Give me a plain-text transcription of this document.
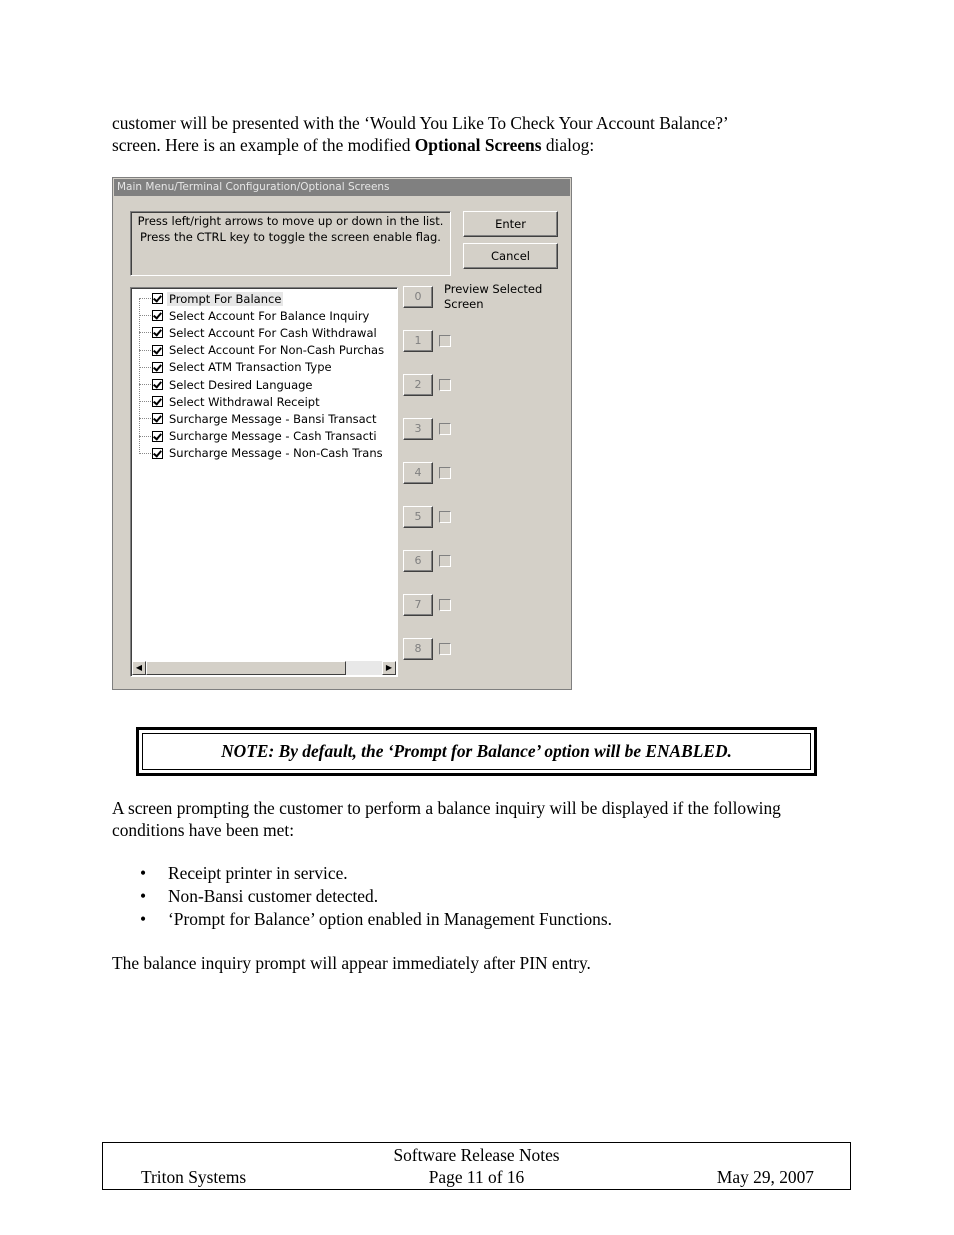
customer will be presented with the ‘Would You Like To Check Your Account Balance?’
screen. Here is an example of the modified Optional Screens dialog:
Main Menu/Terminal Configuration/Optional Screens
Press left/right arrows to move up or down in the list. Press the CTRL key to toggle the screen enable flag.
Enter
Cancel
◀	▶
Prompt For Balance
Select Account For Balance Inquiry
Select Account For Cash Withdrawal
Select Account For Non-Cash Purchas
Select ATM Transaction Type
Select Desired Language
Select Withdrawal Receipt
Surcharge Message - Bansi Transact
Surcharge Message - Cash Transacti
Surcharge Message - Non-Cash Trans
Preview Selected Screen
0
1
2
3
4
5
6
7
8
NOTE: By default, the ‘Prompt for Balance’ option will be ENABLED.
A screen prompting the customer to perform a balance inquiry will be displayed if the following
conditions have been met:
• Receipt printer in service.
• Non-Bansi customer detected.
• ‘Prompt for Balance’ option enabled in Management Functions.
The balance inquiry prompt will appear immediately after PIN entry.
Software Release Notes
Triton Systems	Page 11 of 16	May 29, 2007
